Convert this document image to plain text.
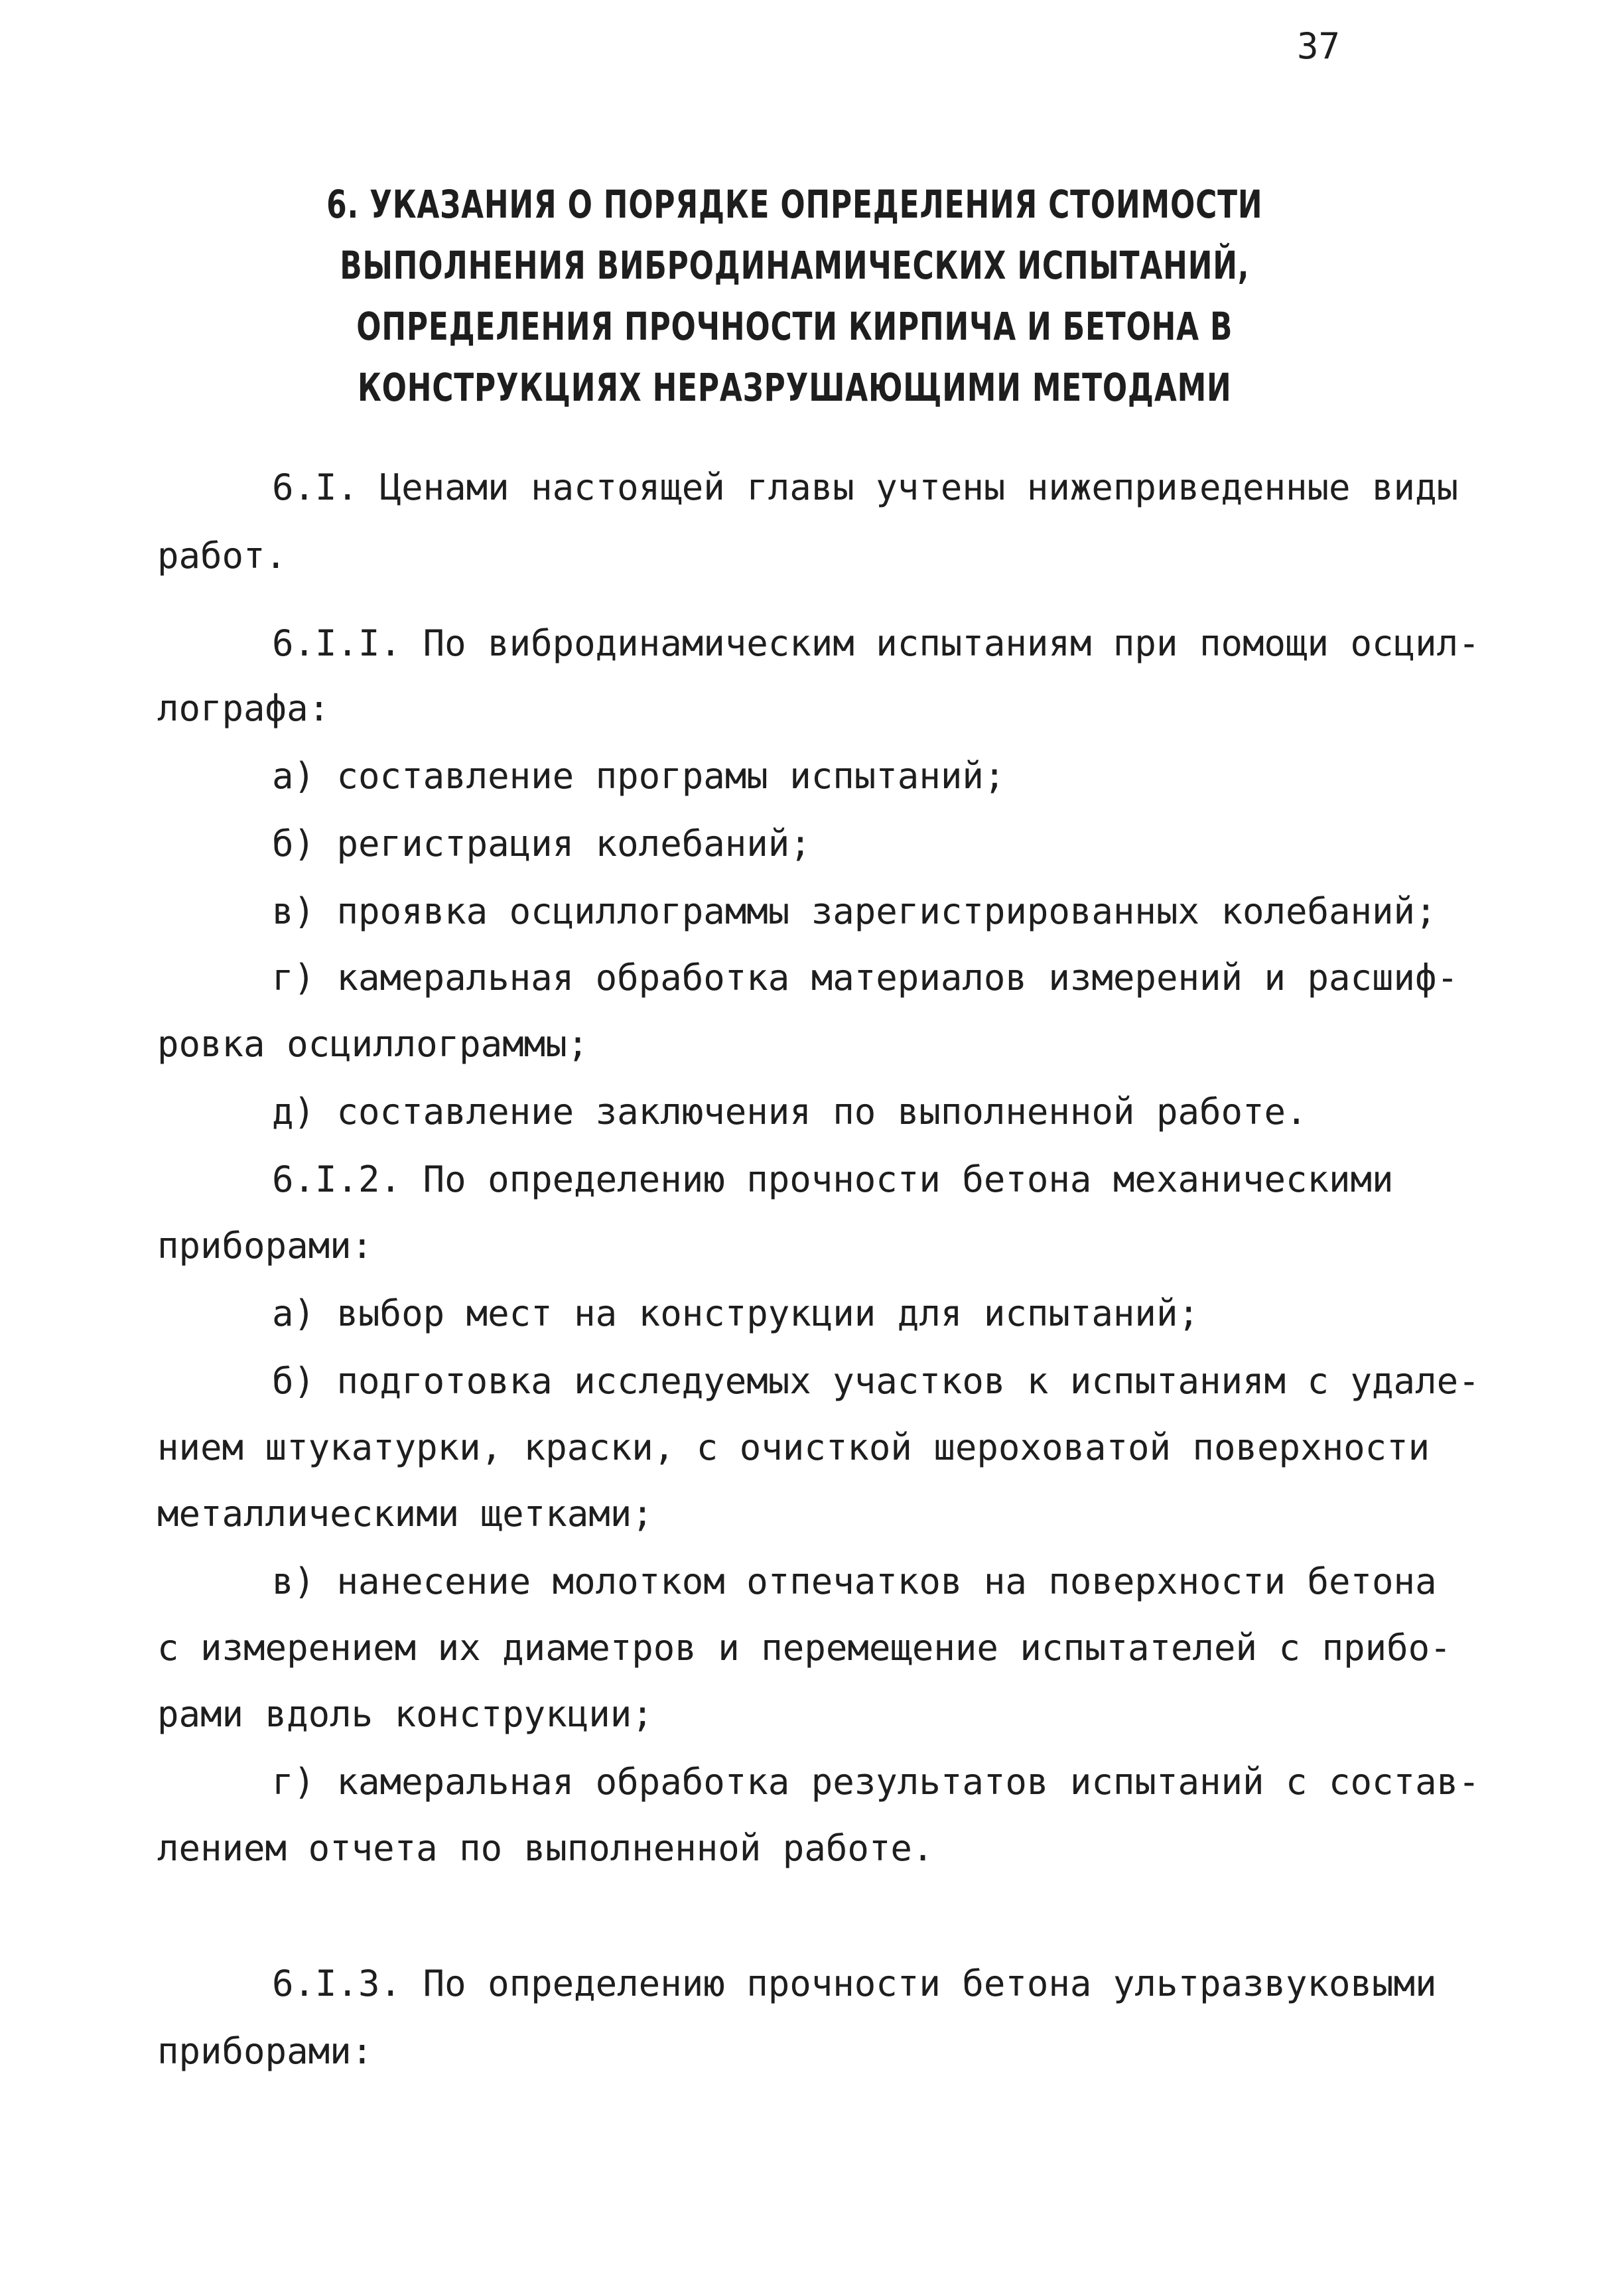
37
6. УКАЗАНИЯ О ПОРЯДКЕ ОПРЕДЕЛЕНИЯ СТОИМОСТИ
ВЫПОЛНЕНИЯ ВИБРОДИНАМИЧЕСКИХ ИСПЫТАНИЙ,
ОПРЕДЕЛЕНИЯ ПРОЧНОСТИ КИРПИЧА И БЕТОНА В
КОНСТРУКЦИЯХ НЕРАЗРУШАЮЩИМИ МЕТОДАМИ
6.I. Ценами настоящей главы учтены нижеприведенные виды
работ.
6.I.I. По вибродинамическим испытаниям при помощи осцил-
лографа:
а) составление програмы испытаний;
б) регистрация колебаний;
в) проявка осциллограммы зарегистрированных колебаний;
г) камеральная обработка материалов измерений и расшиф-
ровка осциллограммы;
д) составление заключения по выполненной работе.
6.I.2. По определению прочности бетона механическими
приборами:
а) выбор мест на конструкции для испытаний;
б) подготовка исследуемых участков к испытаниям с удале-
нием штукатурки, краски, с очисткой шероховатой поверхности
металлическими щетками;
в) нанесение молотком отпечатков на поверхности бетона
с измерением их диаметров и перемещение испытателей с прибо-
рами вдоль конструкции;
г) камеральная обработка результатов испытаний с состав-
лением отчета по выполненной работе.
6.I.3. По определению прочности бетона ультразвуковыми
приборами:
